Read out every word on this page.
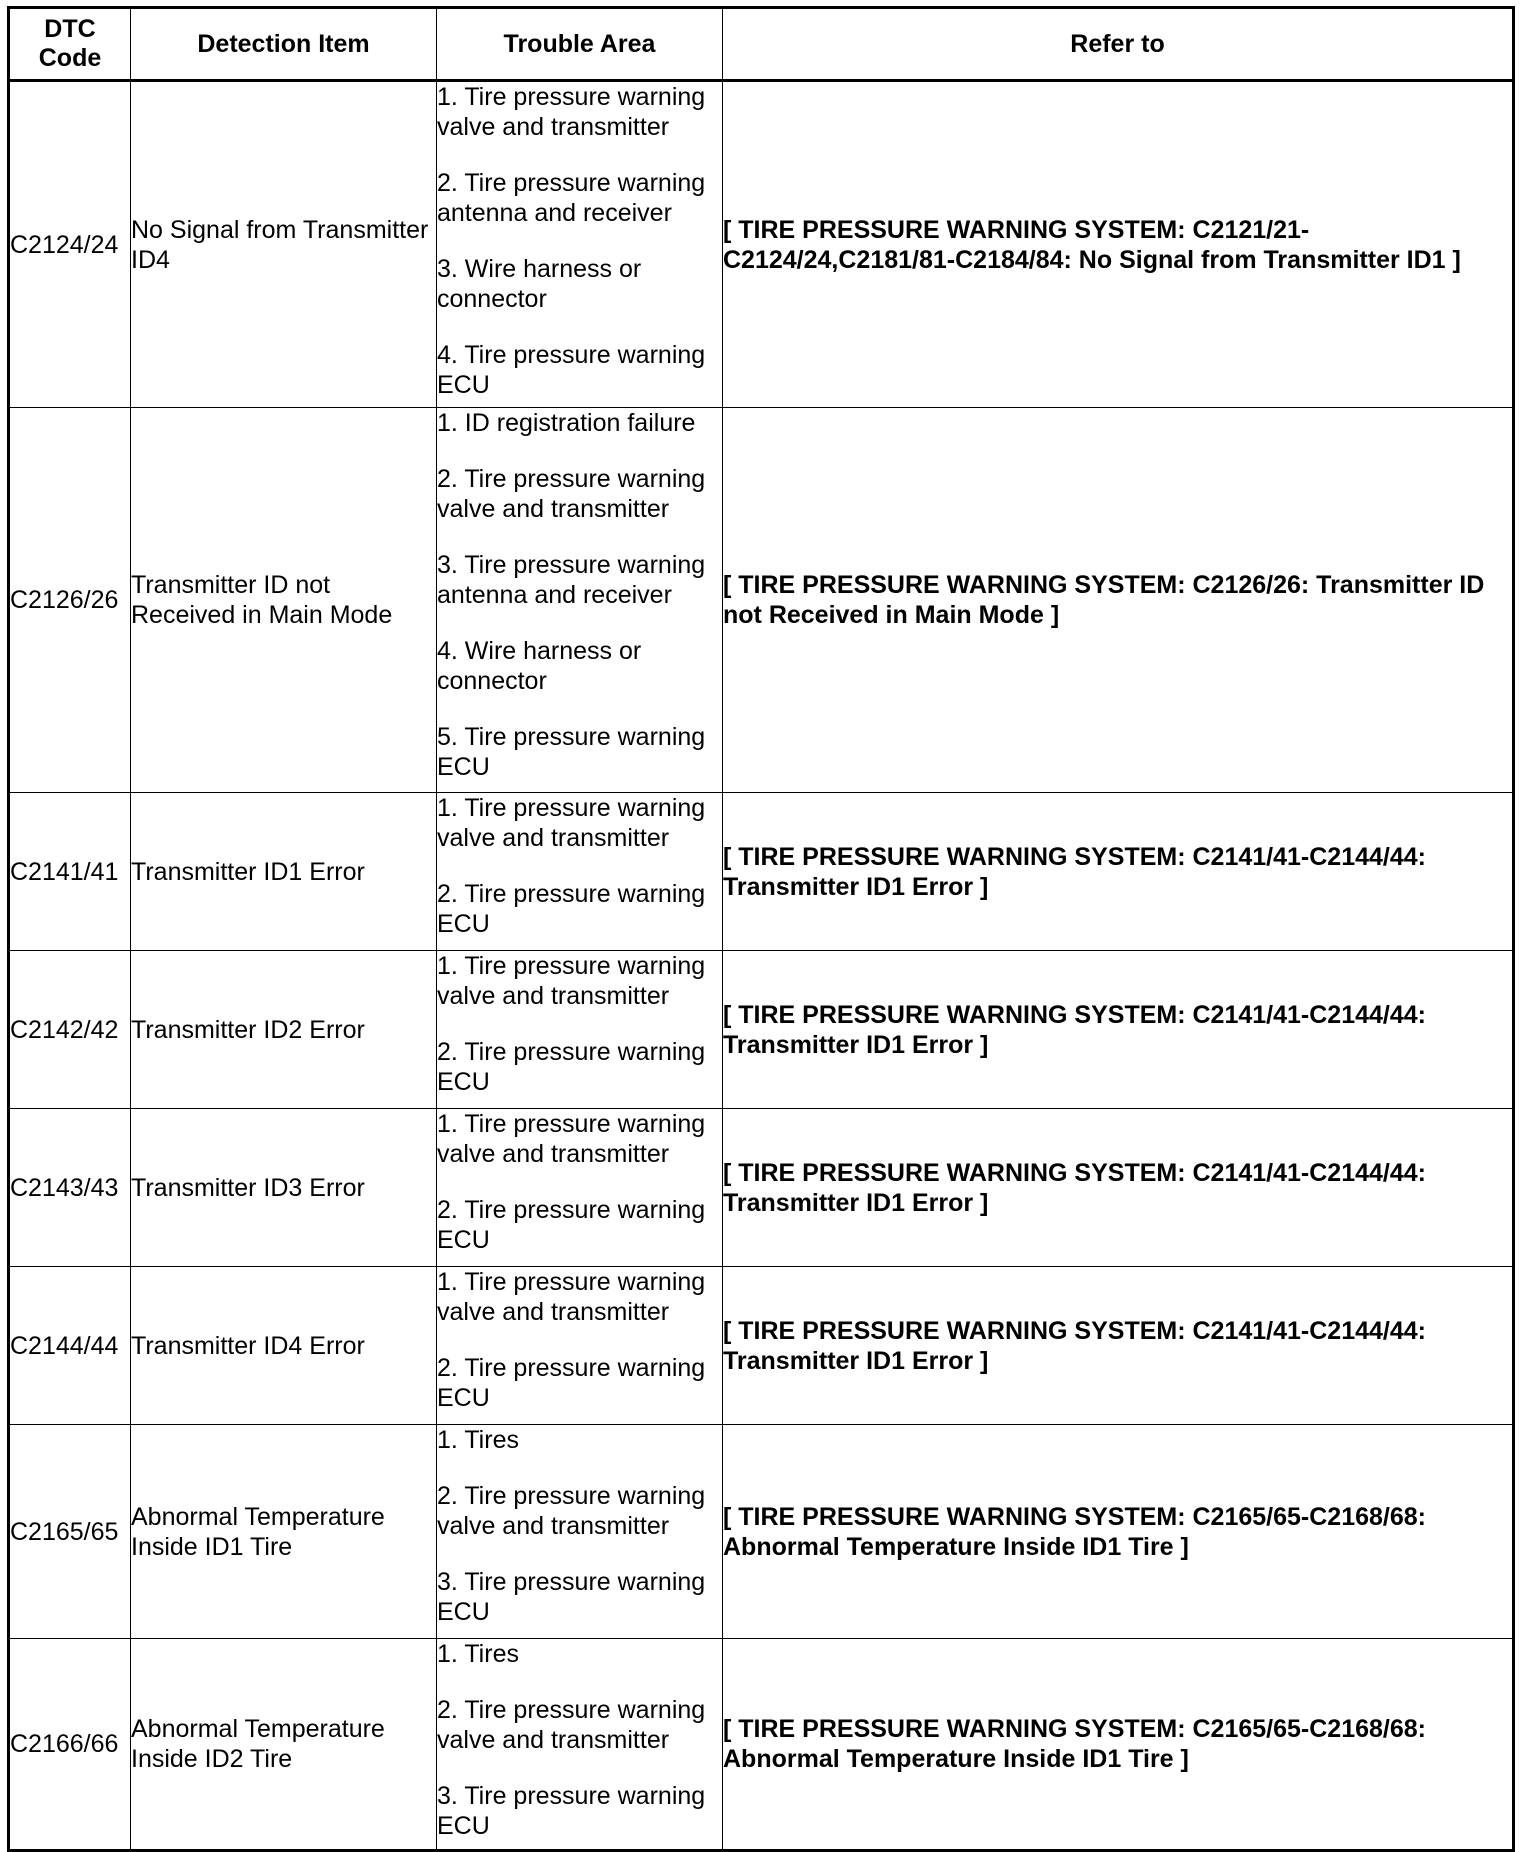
DTC
Code	Detection Item	Trouble Area	Refer to
C2124/24	No Signal from Transmitter ID4	1. Tire pressure warning valve and transmitter

2. Tire pressure warning antenna and receiver

3. Wire harness or connector

4. Tire pressure warning ECU	[ TIRE PRESSURE WARNING SYSTEM: C2121/21-C2124/24,C2181/81-C2184/84: No Signal from Transmitter ID1 ]
C2126/26	Transmitter ID not Received in Main Mode	1. ID registration failure

2. Tire pressure warning valve and transmitter

3. Tire pressure warning antenna and receiver

4. Wire harness or connector

5. Tire pressure warning ECU	[ TIRE PRESSURE WARNING SYSTEM: C2126/26: Transmitter ID not Received in Main Mode ]
C2141/41	Transmitter ID1 Error	1. Tire pressure warning valve and transmitter

2. Tire pressure warning ECU	[ TIRE PRESSURE WARNING SYSTEM: C2141/41-C2144/44: Transmitter ID1 Error ]
C2142/42	Transmitter ID2 Error	1. Tire pressure warning valve and transmitter

2. Tire pressure warning ECU	[ TIRE PRESSURE WARNING SYSTEM: C2141/41-C2144/44: Transmitter ID1 Error ]
C2143/43	Transmitter ID3 Error	1. Tire pressure warning valve and transmitter

2. Tire pressure warning ECU	[ TIRE PRESSURE WARNING SYSTEM: C2141/41-C2144/44: Transmitter ID1 Error ]
C2144/44	Transmitter ID4 Error	1. Tire pressure warning valve and transmitter

2. Tire pressure warning ECU	[ TIRE PRESSURE WARNING SYSTEM: C2141/41-C2144/44: Transmitter ID1 Error ]
C2165/65	Abnormal Temperature Inside ID1 Tire	1. Tires

2. Tire pressure warning valve and transmitter

3. Tire pressure warning ECU	[ TIRE PRESSURE WARNING SYSTEM: C2165/65-C2168/68: Abnormal Temperature Inside ID1 Tire ]
C2166/66	Abnormal Temperature Inside ID2 Tire	1. Tires

2. Tire pressure warning valve and transmitter

3. Tire pressure warning ECU	[ TIRE PRESSURE WARNING SYSTEM: C2165/65-C2168/68: Abnormal Temperature Inside ID1 Tire ]
